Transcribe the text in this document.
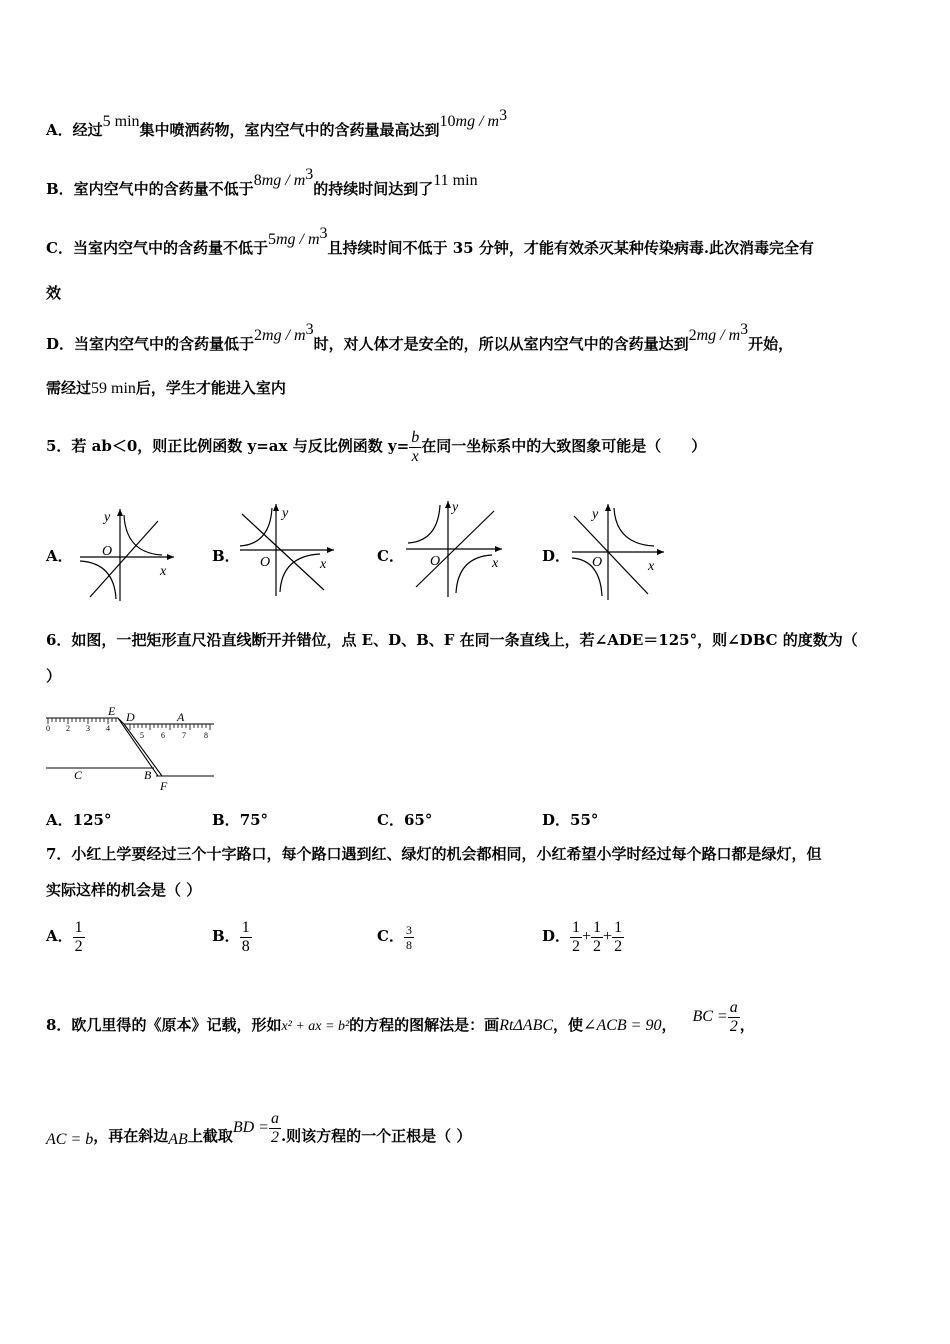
A．经过5 min集中喷洒药物，室内空气中的含药量最高达到$10mg / m^3$
B．室内空气中的含药量不低于$8mg / m^3$的持续时间达到了11 min
C．当室内空气中的含药量不低于$5mg / m^3$且持续时间不低于 35 分钟，才能有效杀灭某种传染病毒.此次消毒完全有
效
D．当室内空气中的含药量低于$2mg / m^3$时，对人体才是安全的，所以从室内空气中的含药量达到$2mg / m^3$开始，
需经过59 min后，学生才能进入室内
5．若 ab＜0，则正比例函数 y=ax 与反比例函数 $y= \frac{b}{x}$ 在同一坐标系中的大致图象可能是（　　）
A．	B．	C．	D．
y
x
O
y
x
O
y
x
O
y
x
O
6．如图，一把矩形直尺沿直线断开并错位，点 E、D、B、F 在同一条直线上，若∠ADE＝125°，则∠DBC 的度数为（
）
0 2 3 4
5 6 7 8
E D	A
C	B
F
A．125°	B．75°	C．65°	D．55°
7．小红上学要经过三个十字路口，每个路口遇到红、绿灯的机会都相同，小红希望小学时经过每个路口都是绿灯，但
实际这样的机会是（ ）
A． $\frac{1}{2}$	B． $\frac{1}{8}$	C． $\frac{3}{8}$	D． $\frac{1}{2} + \frac{1}{2} + \frac{1}{2}$
8．欧几里得的《原本》记载，形如x² + ax = b²的方程的图解法是：画RtΔABC，使∠ACB = 90， BC = $\frac{a}{2}$ ，
AC = b，再在斜边AB上截取BD = $\frac{a}{2}$ .则该方程的一个正根是（ ）
